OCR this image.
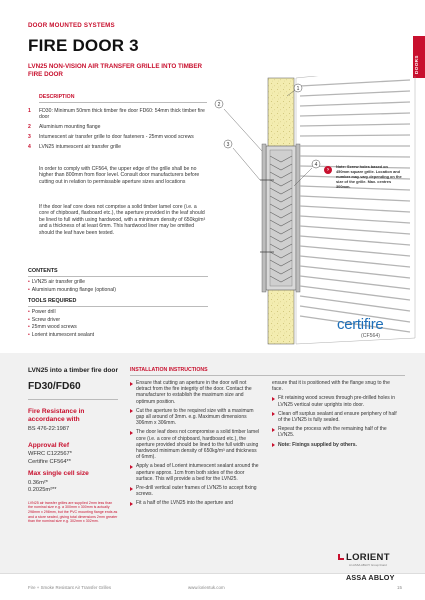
DOOR MOUNTED SYSTEMS
FIRE DOOR 3
LVN25 NON-VISION AIR TRANSFER GRILLE INTO TIMBER FIRE DOOR
DOORS
DESCRIPTION
1	FD30: Minimum 50mm thick timber fire door FD60: 54mm thick timber fire door
2	Aluminium mounting flange
3	Intumescent air transfer grille to door fasteners - 25mm wood screws
4	LVN25 intumescent air transfer grille
In order to comply with CF564, the upper edge of the grille shall be no higher than 800mm from floor level. Consult door manufacturers before cutting out in relation to permissable aperture sizes and locations
If the door leaf core does not comprise a solid timber lamel core (i.e. a core of chipboard, flaxboard etc.), the aperture provided in the leaf should be lined to full width using hardwood, with a minimum density of 650kg/m³ and a thickness of at least 6mm. This hardwood liner may be omitted should the leaf have been tested.
CONTENTS
• LVN25 air transfer grille
• Aluminium mounting flange (optional)
TOOLS REQUIRED
• Power drill
• Screw driver
• 25mm wood screws
• Lorient intumescent sealant
1
2
3
4
›
Note: Screw holes based on 450mm square grille. Location and number may vary depending on the size of the grille. Max. centres 300mm.
certifire
(CF564)
LVN25 into a timber fire door
FD30/FD60
Fire Resistance in accordance with
BS 476-22:1987
Approval Ref
WFRC C122567*
Certifire CF564**
Max single cell size
0.36m²*
0.2025m²**
LVN25 air transfer grilles are supplied 2mm less than the nominal size e.g. a 300mm x 300mm is actually 298mm x 298mm, but the PVC mounting flange ends as and a store sealed, giving total dimensions 2mm greater than the nominal size e.g. 302mm x 302mm.
INSTALLATION INSTRUCTIONS
Ensure that cutting an aperture in the door will not detract from the fire integrity of the door. Contact the manufacturer to establish the maximum size and optimum position.
Cut the aperture to the required size with a maximum gap all around of 3mm. e.g. Maximum dimensions 306mm x 306mm.
The door leaf does not compromise a solid timber lamel core (i.e. a core of chipboard, hardboard etc.), the aperture provided should be lined to the full width using hardwood minimum density of 650kg/m³ and thickness of 6mm).
Apply a bead of Lorient intumescent sealant around the aperture approx. 1cm from both sides of the door surface. This will provide a bed for the LVN25.
Pre-drill vertical outer frames of LVN25 to accept fixing screws.
Fit a half of the LVN25 into the aperture and
ensure that it is positioned with the flange snug to the face.
Fit retaining wood screws through pre-drilled holes in LVN25 vertical outer uprights into door.
Clean off surplus sealant and ensure periphery of half of the LVN25 is fully sealed.
Repeat the process with the remaining half of the LVN25.
Note: Fixings supplied by others.
LORIENT
An ASSA ABLOY Group brand
ASSA ABLOY
Fire + Smoke Resistant Air Transfer Grilles	www.lorientuk.com	15
